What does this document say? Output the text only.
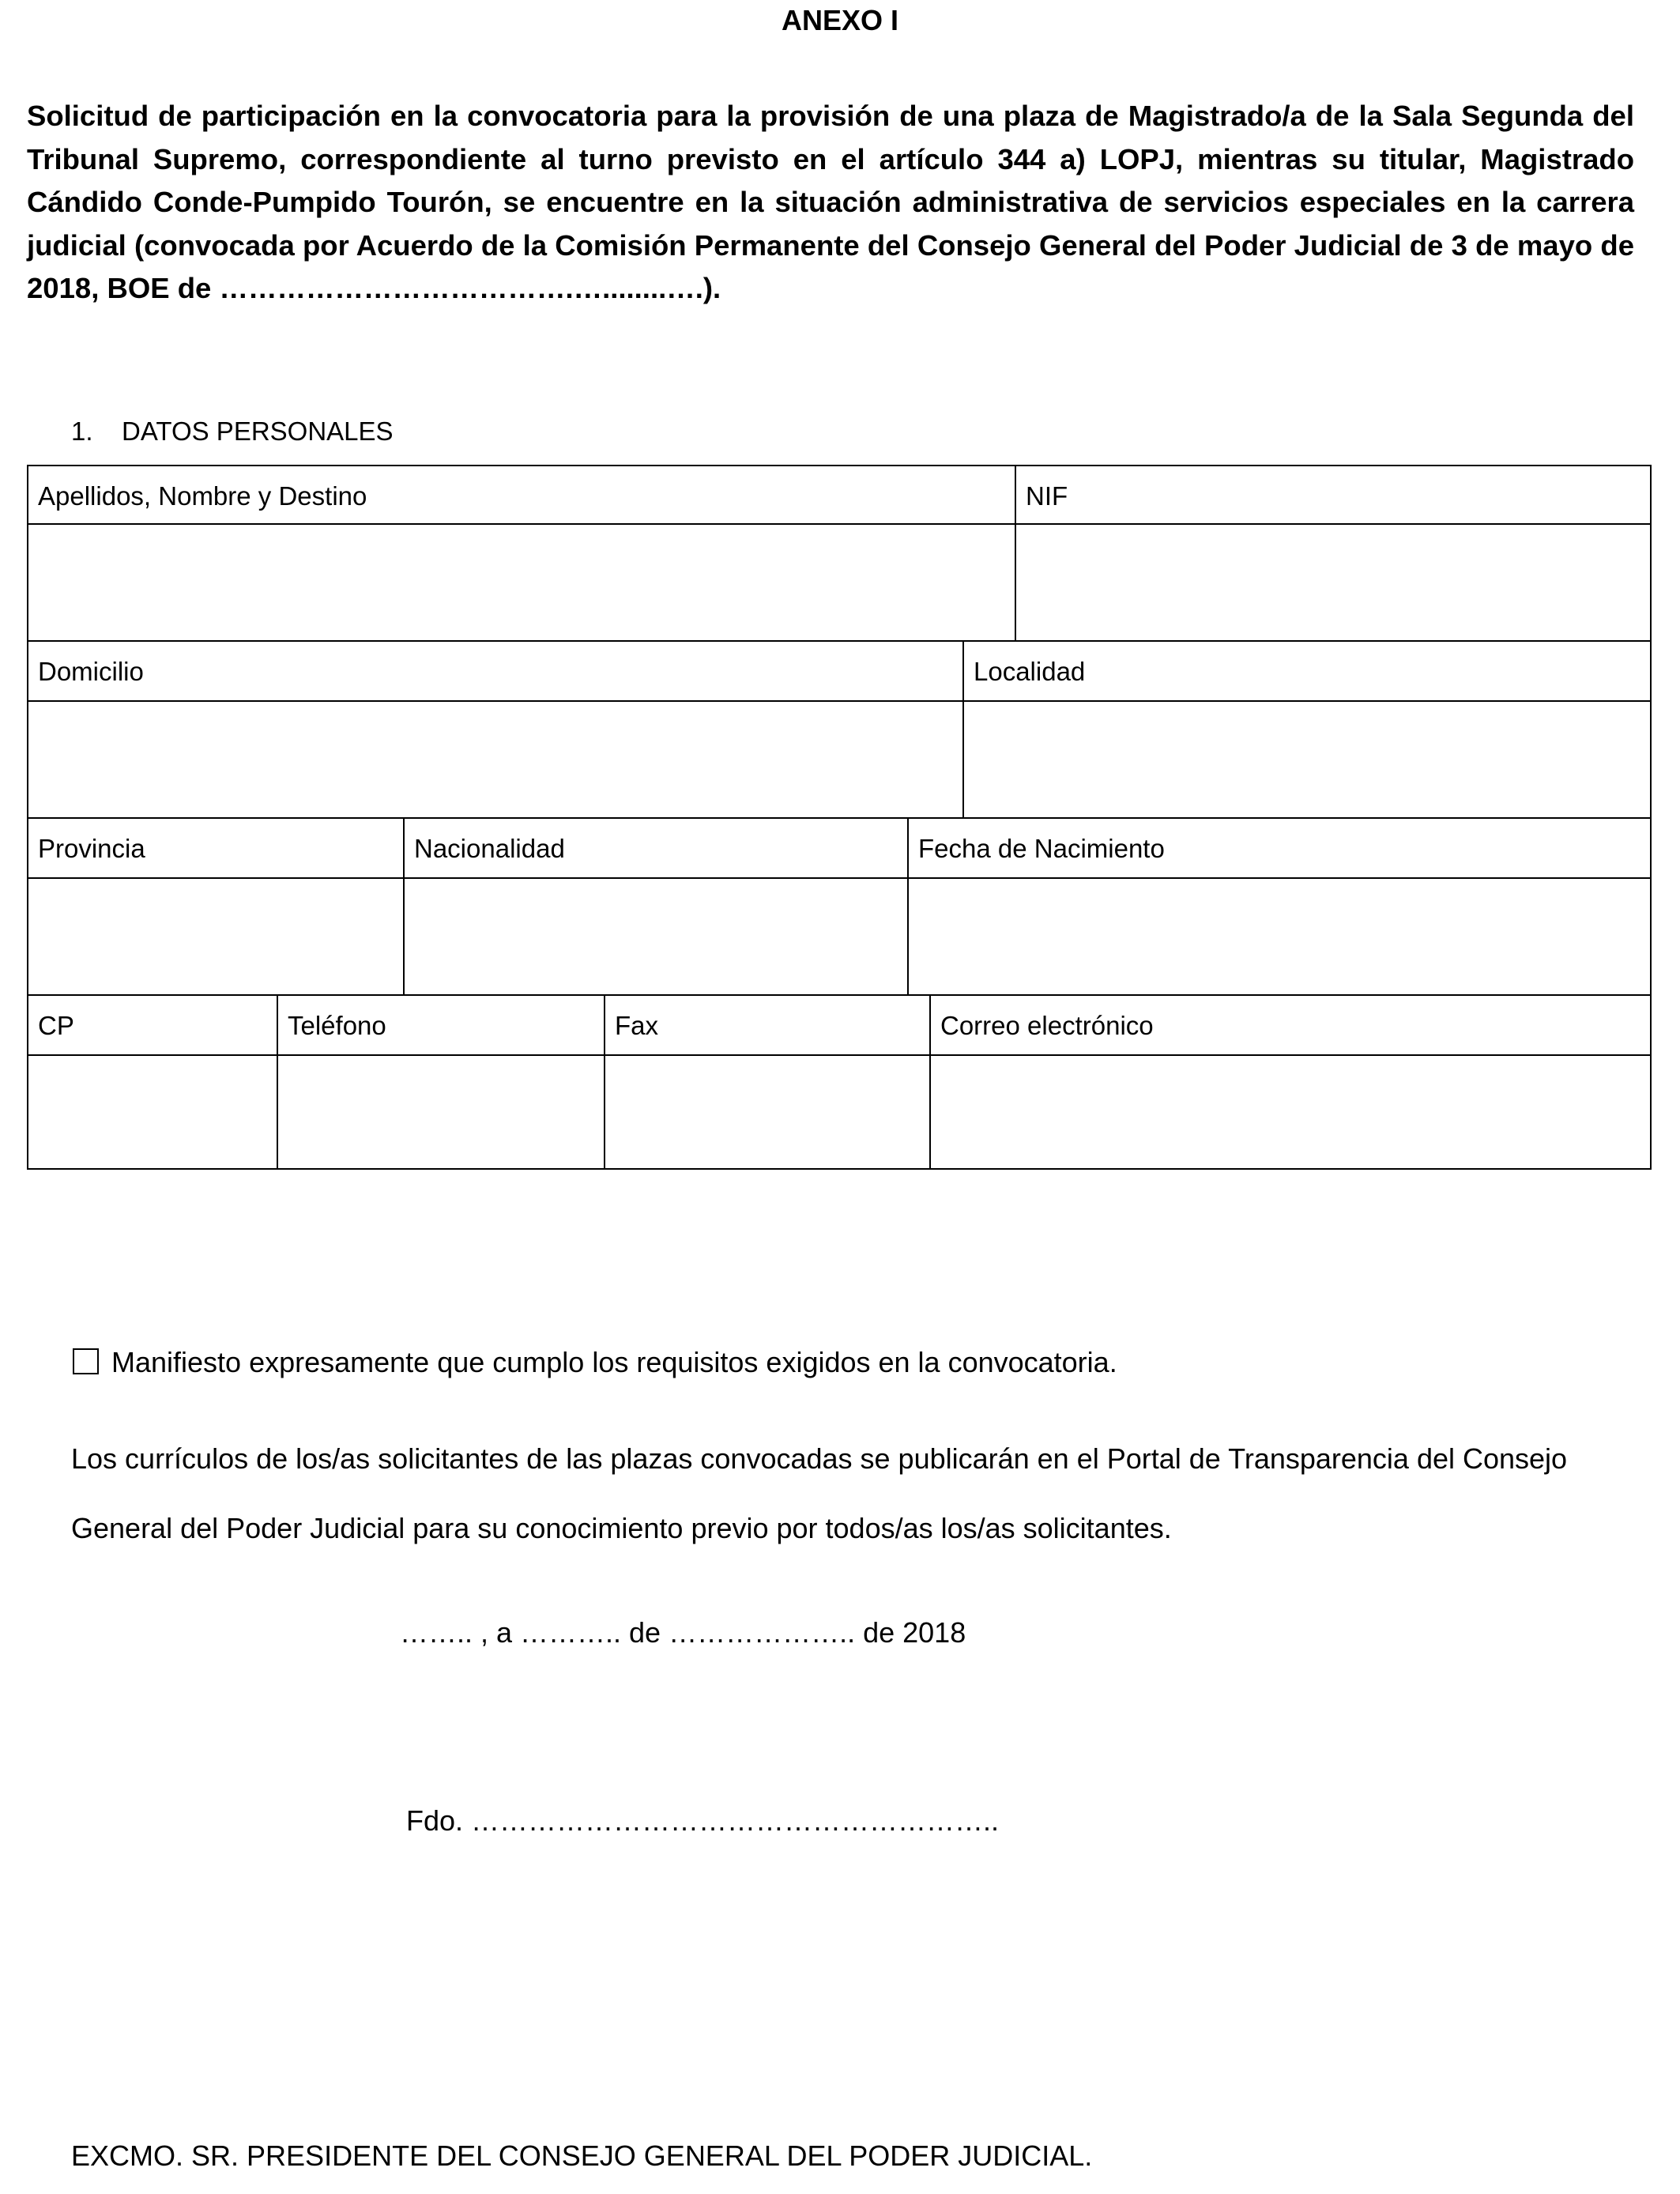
ANEXO I
Solicitud de participación en la convocatoria para la provisión de una plaza de Magistrado/a de la Sala Segunda del Tribunal Supremo, correspondiente al turno previsto en el artículo 344 a) LOPJ, mientras su titular, Magistrado Cándido Conde-Pumpido Tourón, se encuentre en la situación administrativa de servicios especiales en la carrera judicial (convocada por Acuerdo de la Comisión Permanente del Consejo General del Poder Judicial de 3 de mayo de 2018, BOE de ……………………………….…........….).
1. DATOS PERSONALES
Apellidos, Nombre y Destino	NIF
Domicilio	Localidad
Provincia	Nacionalidad	Fecha de Nacimiento
CP	Teléfono	Fax	Correo electrónico
Manifiesto expresamente que cumplo los requisitos exigidos en la convocatoria.
Los currículos de los/as solicitantes de las plazas convocadas se publicarán en el Portal de Transparencia del Consejo General del Poder Judicial para su conocimiento previo por todos/as los/as solicitantes.
…….. , a ……….. de ……………….. de 2018
Fdo. ………………………………………………..
EXCMO. SR. PRESIDENTE DEL CONSEJO GENERAL DEL PODER JUDICIAL.
